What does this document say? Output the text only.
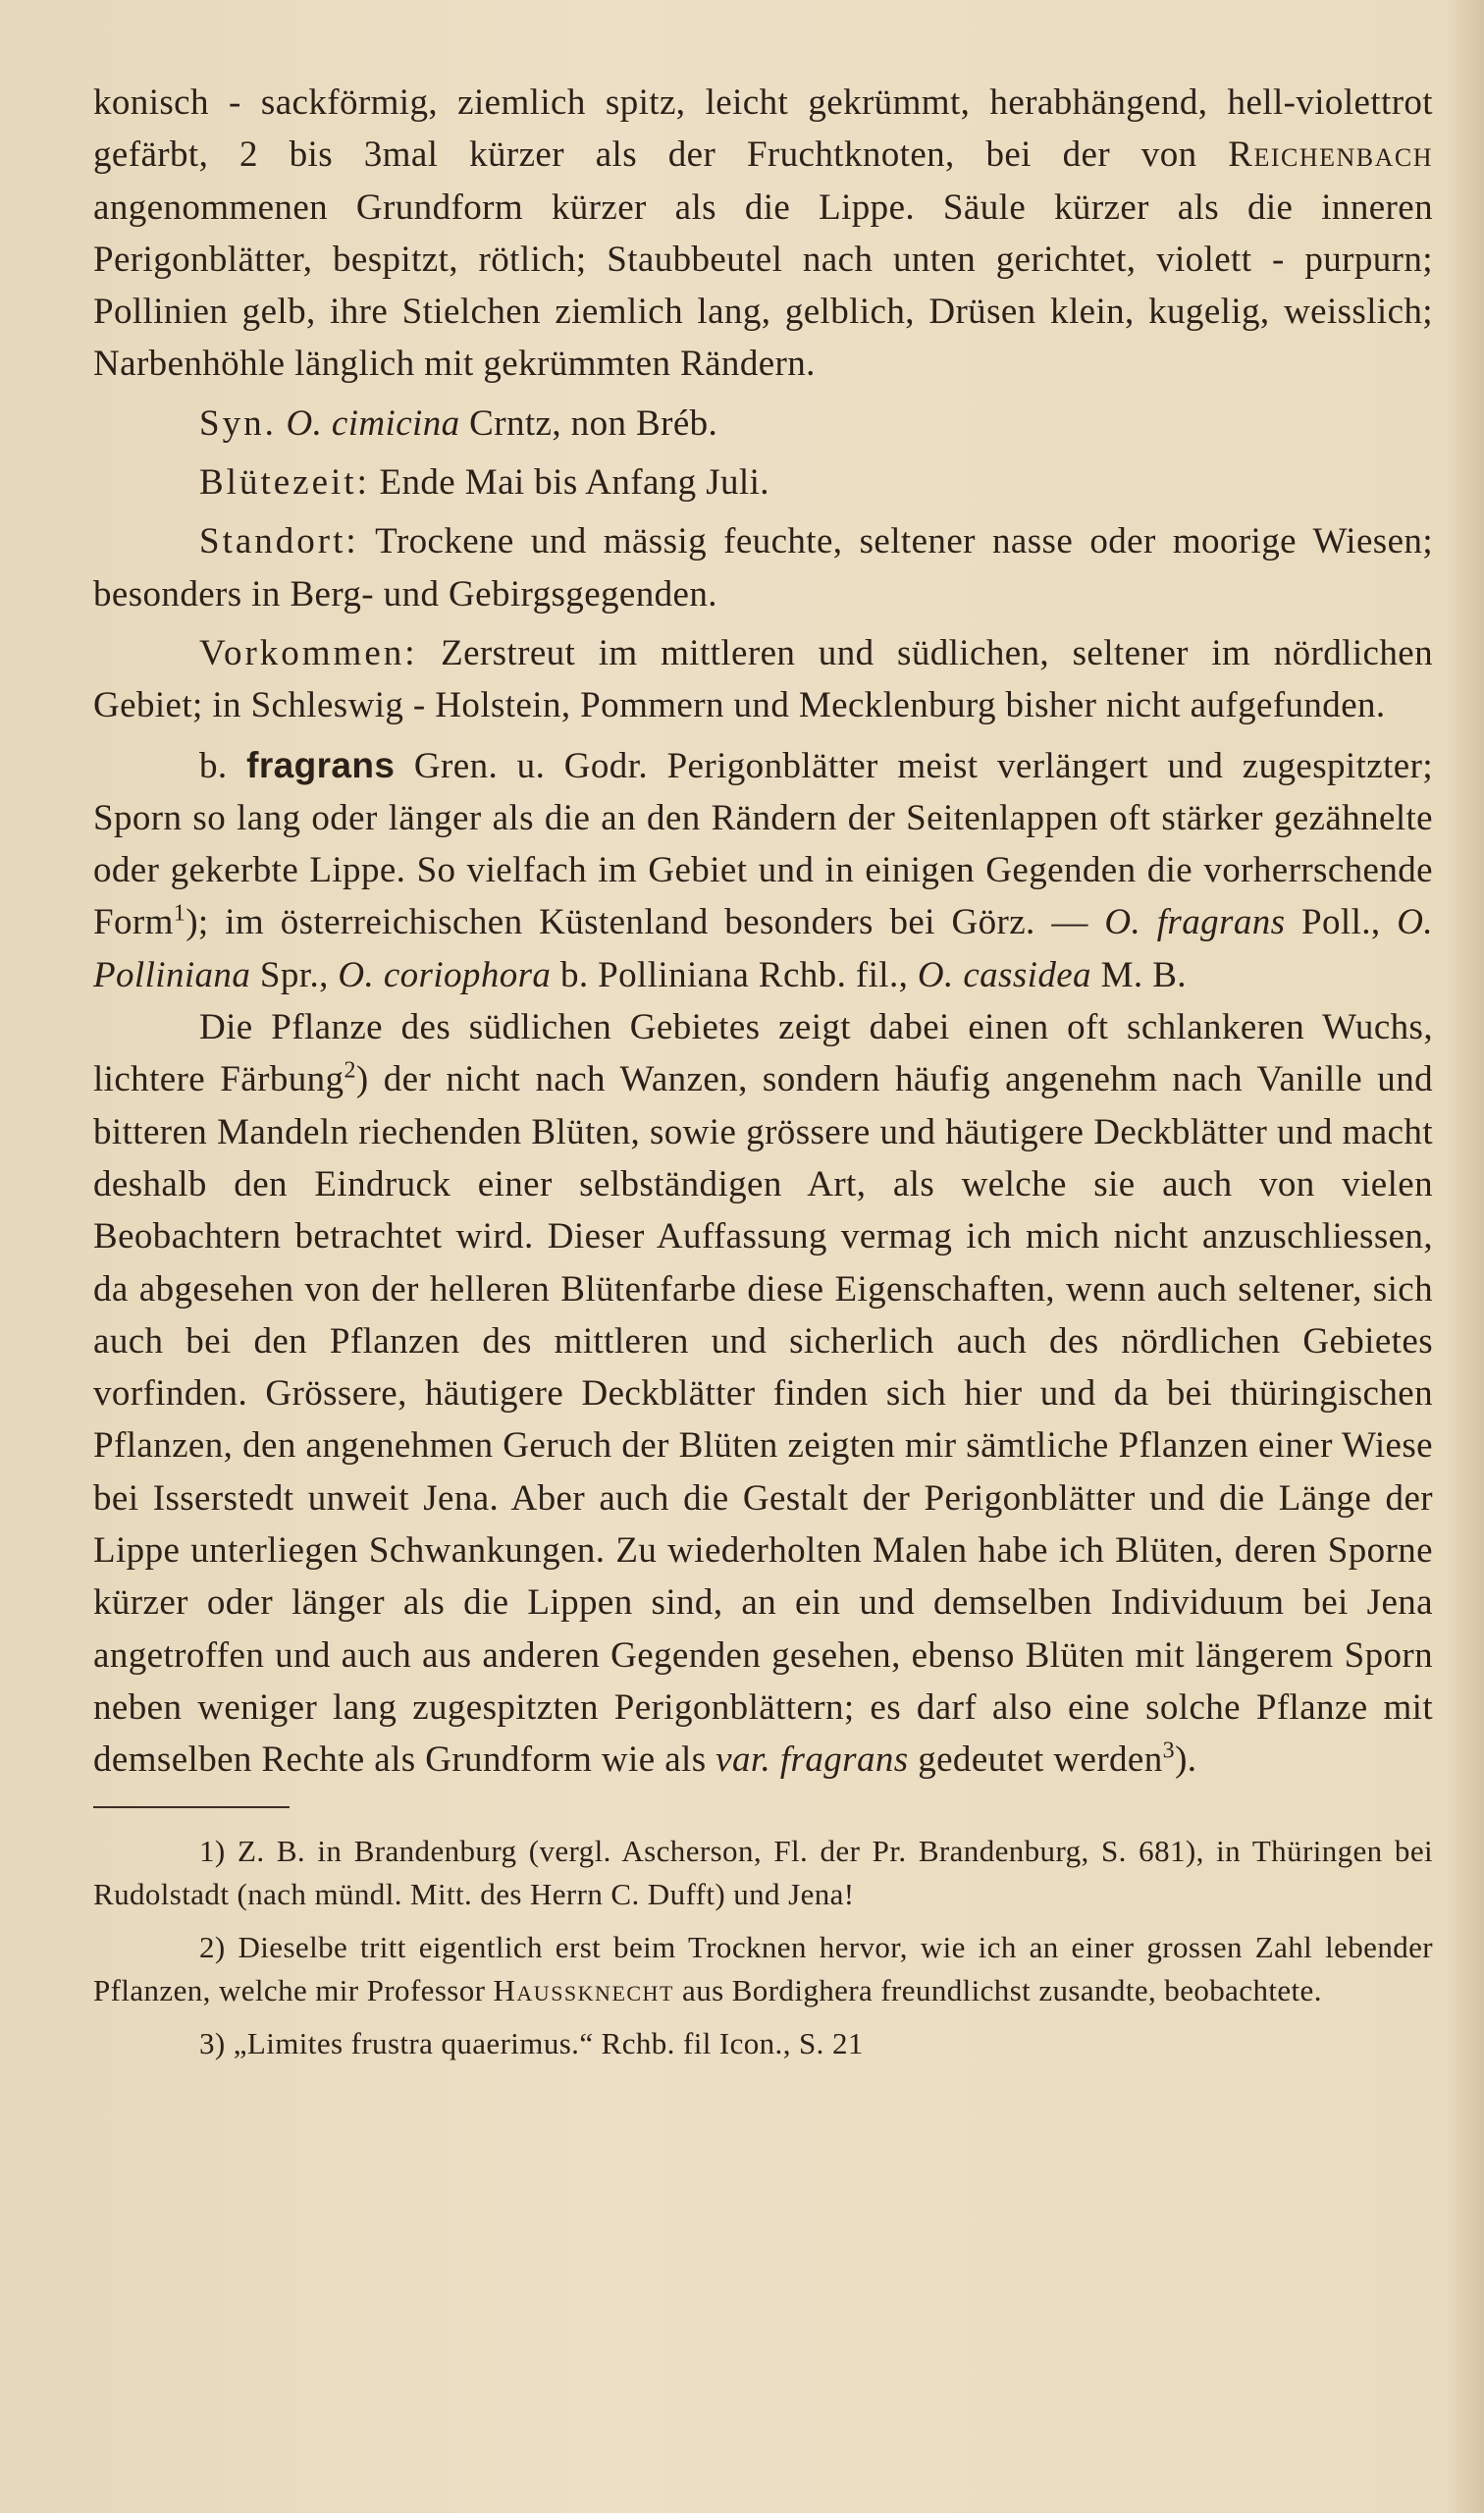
konisch - sackförmig, ziemlich spitz, leicht gekrümmt, herabhängend, hell-violettrot gefärbt, 2 bis 3mal kürzer als der Fruchtknoten, bei der von Reichenbach angenommenen Grundform kürzer als die Lippe. Säule kürzer als die inneren Perigonblätter, bespitzt, rötlich; Staubbeutel nach unten gerichtet, violett - purpurn; Pollinien gelb, ihre Stielchen ziemlich lang, gelblich, Drüsen klein, kugelig, weisslich; Narbenhöhle länglich mit gekrümmten Rändern.

Syn. O. cimicina Crntz, non Bréb.

Blütezeit: Ende Mai bis Anfang Juli.

Standort: Trockene und mässig feuchte, seltener nasse oder moorige Wiesen; besonders in Berg- und Gebirgsgegenden.

Vorkommen: Zerstreut im mittleren und südlichen, seltener im nördlichen Gebiet; in Schleswig - Holstein, Pommern und Mecklenburg bisher nicht aufgefunden.

b. fragrans Gren. u. Godr. Perigonblätter meist verlängert und zugespitzter; Sporn so lang oder länger als die an den Rändern der Seitenlappen oft stärker gezähnelte oder gekerbte Lippe. So vielfach im Gebiet und in einigen Gegenden die vorherrschende Form$^1$); im österreichischen Küstenland besonders bei Görz. — O. fragrans Poll., O. Polliniana Spr., O. coriophora b. Polliniana Rchb. fil., O. cassidea M. B.

Die Pflanze des südlichen Gebietes zeigt dabei einen oft schlankeren Wuchs, lichtere Färbung$^2$) der nicht nach Wanzen, sondern häufig angenehm nach Vanille und bitteren Mandeln riechenden Blüten, sowie grössere und häutigere Deckblätter und macht deshalb den Eindruck einer selbständigen Art, als welche sie auch von vielen Beobachtern betrachtet wird. Dieser Auffassung vermag ich mich nicht anzuschliessen, da abgesehen von der helleren Blütenfarbe diese Eigenschaften, wenn auch seltener, sich auch bei den Pflanzen des mittleren und sicherlich auch des nördlichen Gebietes vorfinden. Grössere, häutigere Deckblätter finden sich hier und da bei thüringischen Pflanzen, den angenehmen Geruch der Blüten zeigten mir sämtliche Pflanzen einer Wiese bei Isserstedt unweit Jena. Aber auch die Gestalt der Perigonblätter und die Länge der Lippe unterliegen Schwankungen. Zu wiederholten Malen habe ich Blüten, deren Sporne kürzer oder länger als die Lippen sind, an ein und demselben Individuum bei Jena angetroffen und auch aus anderen Gegenden gesehen, ebenso Blüten mit längerem Sporn neben weniger lang zugespitzten Perigonblättern; es darf also eine solche Pflanze mit demselben Rechte als Grundform wie als var. fragrans gedeutet werden$^3$).

1) Z. B. in Brandenburg (vergl. Ascherson, Fl. der Pr. Brandenburg, S. 681), in Thüringen bei Rudolstadt (nach mündl. Mitt. des Herrn C. Dufft) und Jena!

2) Dieselbe tritt eigentlich erst beim Trocknen hervor, wie ich an einer grossen Zahl lebender Pflanzen, welche mir Professor Haussknecht aus Bordighera freundlichst zusandte, beobachtete.

3) „Limites frustra quaerimus.“ Rchb. fil Icon., S. 21
